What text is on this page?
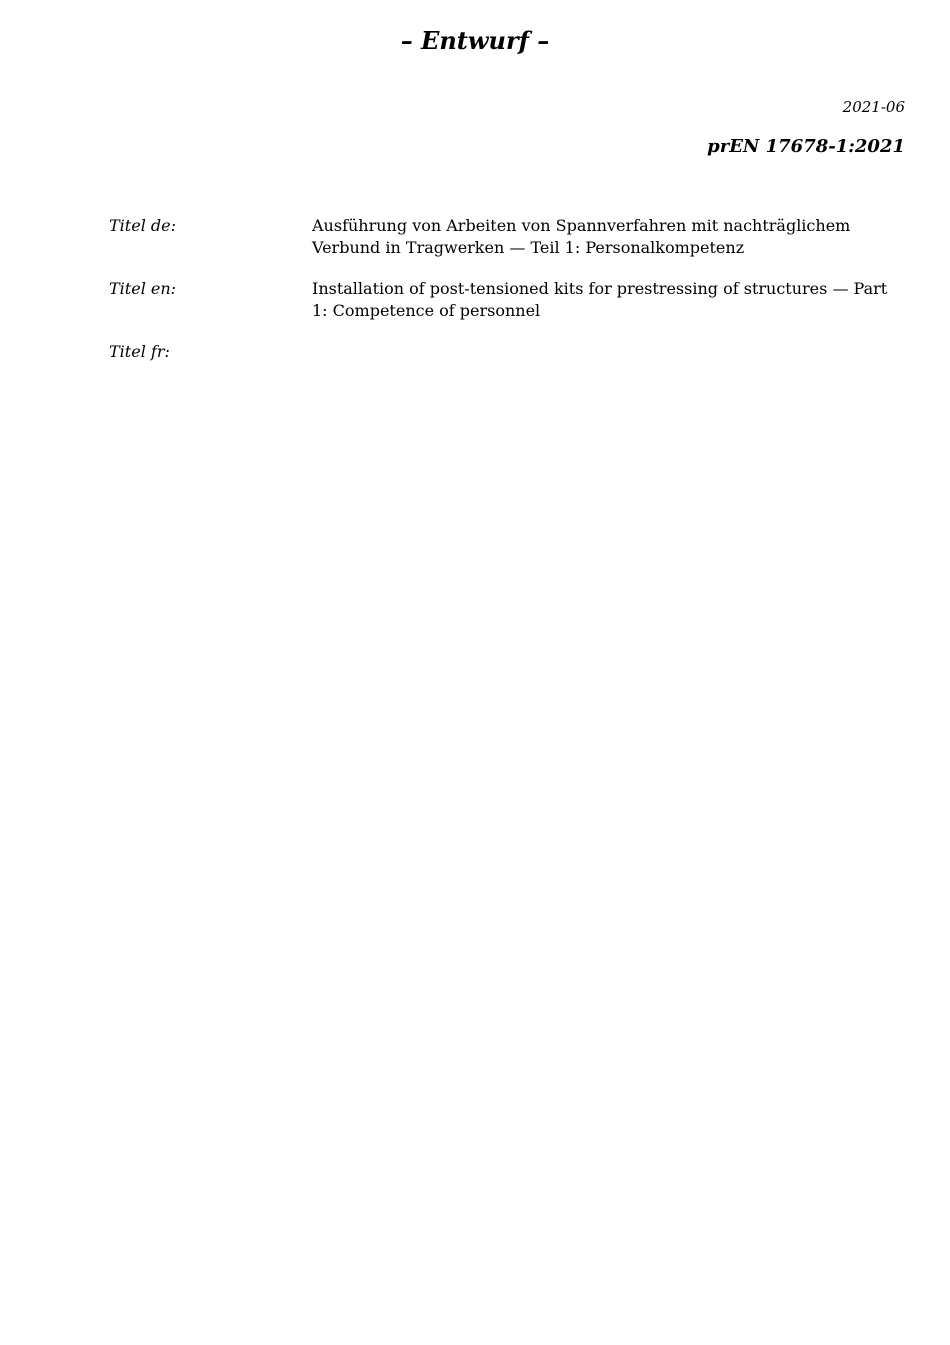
– Entwurf –
2021-06
prEN 17678-1:2021
Titel de:	Ausführung von Arbeiten von Spannverfahren mit nachträglichem Verbund in Tragwerken — Teil 1: Personalkompetenz
Titel en:	Installation of post-tensioned kits for prestressing of structures — Part 1: Competence of personnel
Titel fr:
